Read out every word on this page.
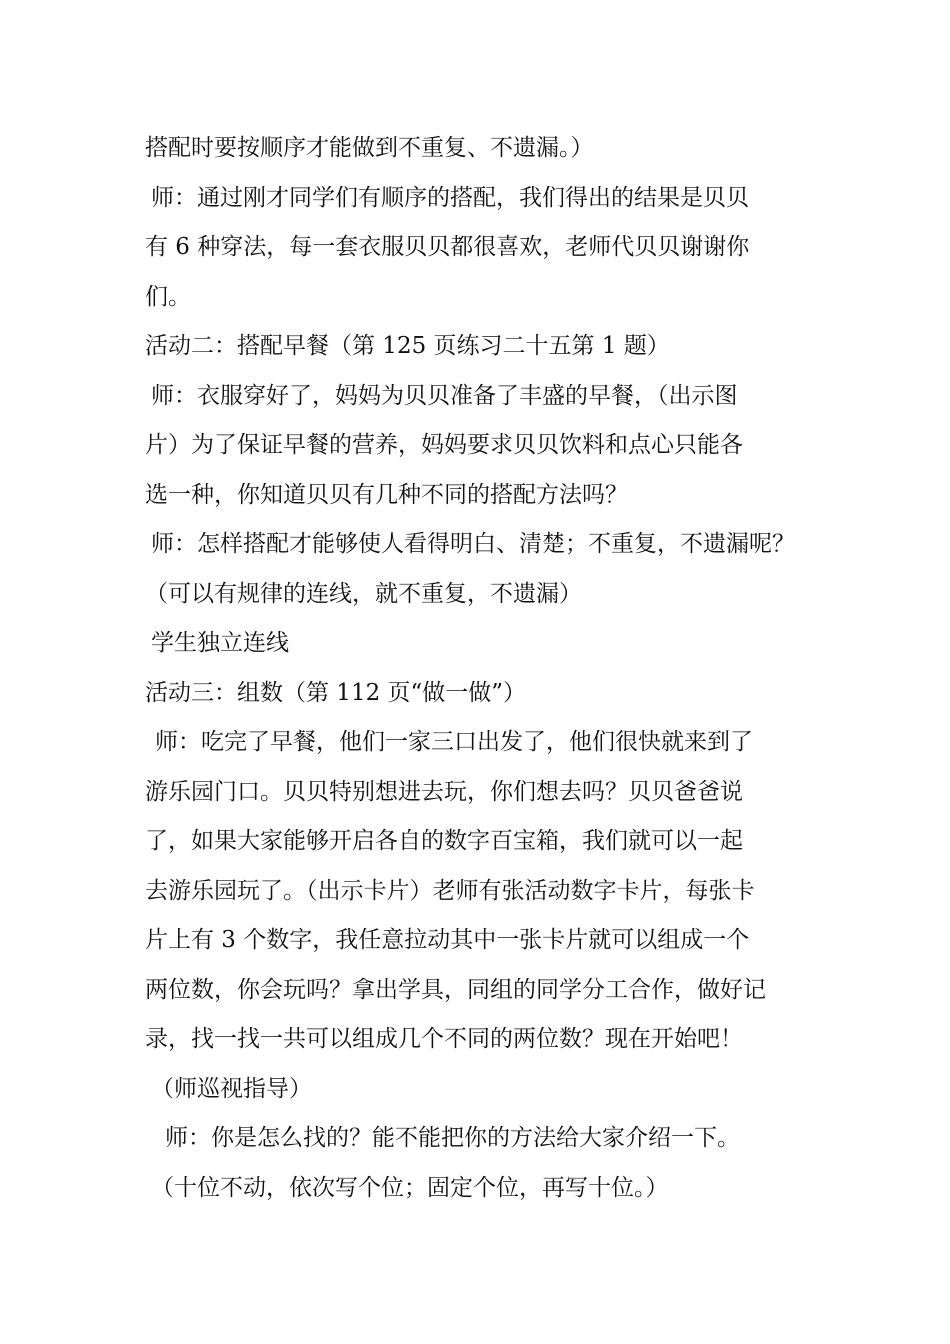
搭配时要按顺序才能做到不重复、不遗漏。）
师：通过刚才同学们有顺序的搭配，我们得出的结果是贝贝
有 6 种穿法，每一套衣服贝贝都很喜欢，老师代贝贝谢谢你
们。
活动二：搭配早餐（第 125 页练习二十五第 1 题）
师：衣服穿好了，妈妈为贝贝准备了丰盛的早餐，（出示图
片）为了保证早餐的营养，妈妈要求贝贝饮料和点心只能各
选一种，你知道贝贝有几种不同的搭配方法吗？
师：怎样搭配才能够使人看得明白、清楚；不重复，不遗漏呢？
（可以有规律的连线，就不重复，不遗漏）
学生独立连线
活动三：组数（第 112 页“做一做”）
师：吃完了早餐，他们一家三口出发了，他们很快就来到了
游乐园门口。贝贝特别想进去玩，你们想去吗？贝贝爸爸说
了，如果大家能够开启各自的数字百宝箱，我们就可以一起
去游乐园玩了。（出示卡片）老师有张活动数字卡片，每张卡
片上有 3 个数字，我任意拉动其中一张卡片就可以组成一个
两位数，你会玩吗？拿出学具，同组的同学分工合作，做好记
录，找一找一共可以组成几个不同的两位数？现在开始吧！
（师巡视指导）
师：你是怎么找的？能不能把你的方法给大家介绍一下。
（十位不动，依次写个位；固定个位，再写十位。）
